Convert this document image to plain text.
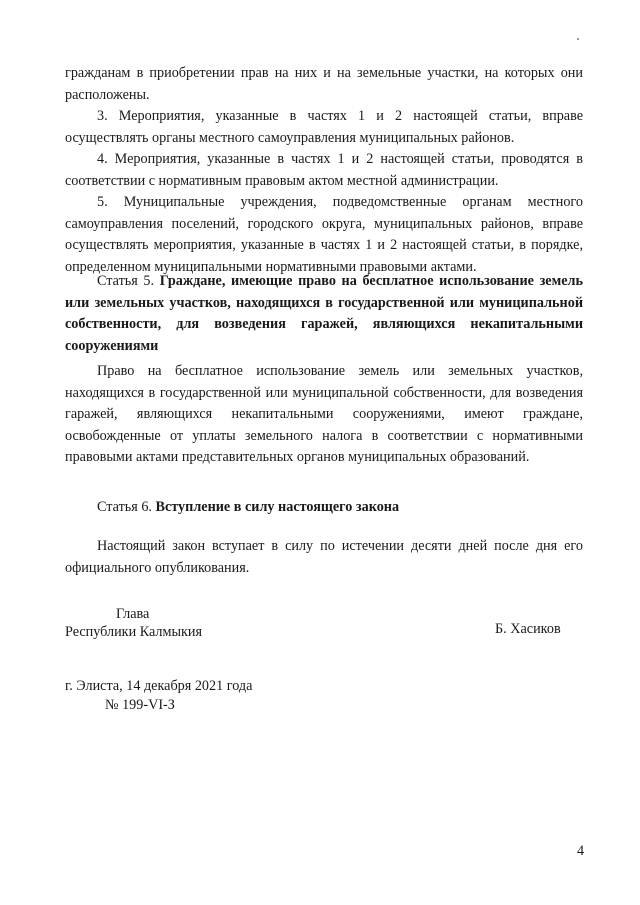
гражданам в приобретении прав на них и на земельные участки, на которых они расположены.

3. Мероприятия, указанные в частях 1 и 2 настоящей статьи, вправе осуществлять органы местного самоуправления муниципальных районов.

4. Мероприятия, указанные в частях 1 и 2 настоящей статьи, проводятся в соответствии с нормативным правовым актом местной администрации.

5. Муниципальные учреждения, подведомственные органам местного самоуправления поселений, городского округа, муниципальных районов, вправе осуществлять мероприятия, указанные в частях 1 и 2 настоящей статьи, в порядке, определенном муниципальными нормативными правовыми актами.

Статья 5. Граждане, имеющие право на бесплатное использование земель или земельных участков, находящихся в государственной или муниципальной собственности, для возведения гаражей, являющихся некапитальными сооружениями

Право на бесплатное использование земель или земельных участков, находящихся в государственной или муниципальной собственности, для возведения гаражей, являющихся некапитальными сооружениями, имеют граждане, освобожденные от уплаты земельного налога в соответствии с нормативными правовыми актами представительных органов муниципальных образований.

Статья 6. Вступление в силу настоящего закона

Настоящий закон вступает в силу по истечении десяти дней после дня его официального опубликования.

Глава
Республики Калмыкия	Б. Хасиков
г. Элиста, 14 декабря 2021 года
№ 199-VI-З
4
